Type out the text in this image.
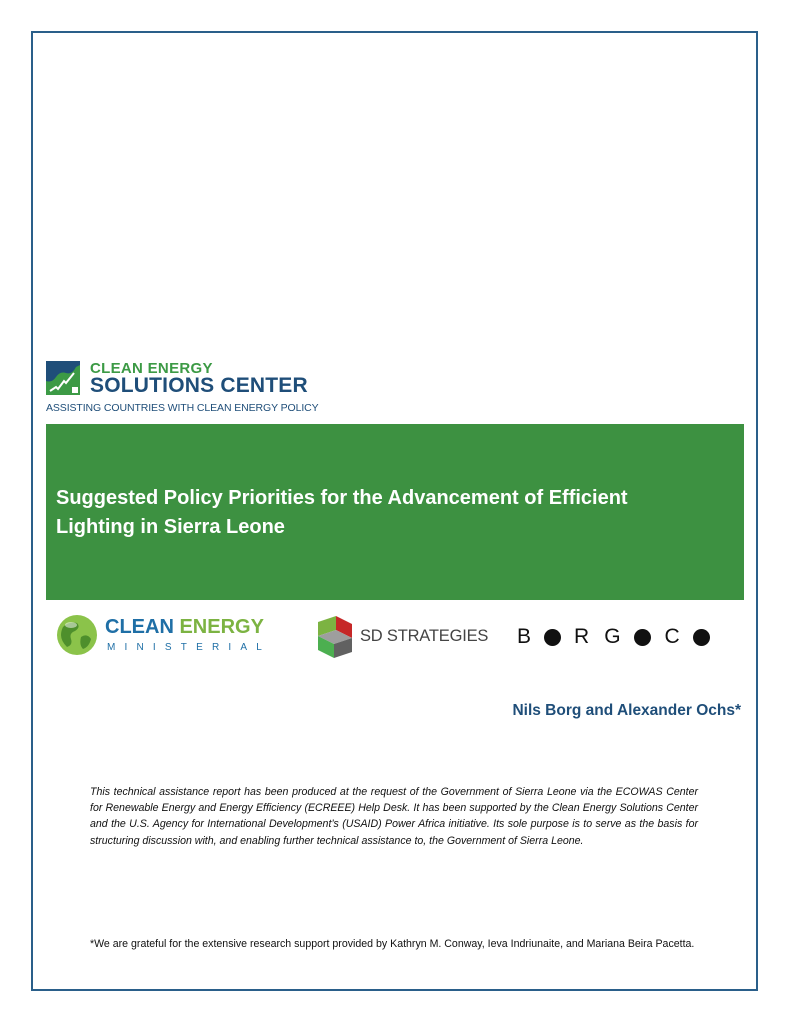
CLEAN ENERGY
SOLUTIONS CENTER
ASSISTING COUNTRIES WITH CLEAN ENERGY POLICY
Suggested Policy Priorities for the Advancement of Efficient Lighting in Sierra Leone
CLEAN ENERGY
MINISTERIAL
SD STRATEGIES B R G C
Nils Borg and Alexander Ochs*

This technical assistance report has been produced at the request of the Government of Sierra Leone via the ECOWAS Center for Renewable Energy and Energy Efficiency (ECREEE) Help Desk. It has been supported by the Clean Energy Solutions Center and the U.S. Agency for International Development’s (USAID) Power Africa initiative. Its sole purpose is to serve as the basis for structuring discussion with, and enabling further technical assistance to, the Government of Sierra Leone.

*We are grateful for the extensive research support provided by Kathryn M. Conway, Ieva Indriunaite, and Mariana Beira Pacetta.
